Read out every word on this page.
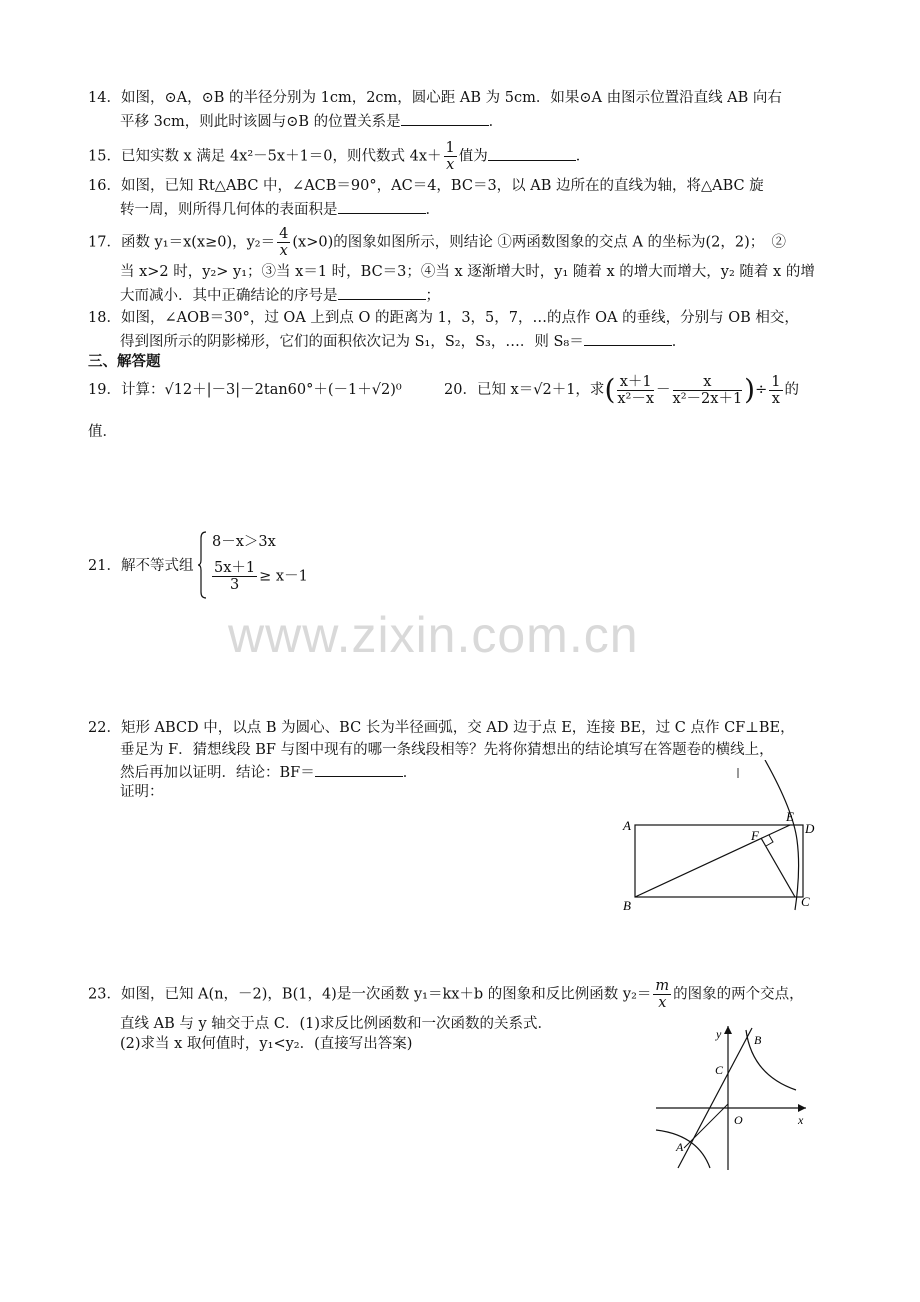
14．如图，⊙A，⊙B 的半径分别为 1cm，2cm，圆心距 AB 为 5cm．如果⊙A 由图示位置沿直线 AB 向右
平移 3cm，则此时该圆与⊙B 的位置关系是	．
15．已知实数 x 满足 4x²－5x＋1＝0，则代数式 $4x+ \frac{1}{x}$ 值为	．
16．如图，已知 Rt△ABC 中，∠ACB＝90°，AC＝4，BC＝3，以 AB 边所在的直线为轴，将△ABC 旋
转一周，则所得几何体的表面积是	．
17．函数 y₁＝x(x≥0)，$y_2= \frac{4}{x} (x>0)$的图象如图所示，则结论 ①两函数图象的交点 A 的坐标为(2，2)；　②
当 x>2 时，y₂> y₁；③当 x＝1 时，BC＝3；④当 x 逐渐增大时，y₁ 随着 x 的增大而增大，y₂ 随着 x 的增
大而减小．其中正确结论的序号是	；
18．如图，∠AOB＝30°，过 OA 上到点 O 的距离为 1，3，5，7，…的点作 OA 的垂线，分别与 OB 相交，
得到图所示的阴影梯形，它们的面积依次记为 S₁，S₂，S₃，…．则 S₈＝	．
三、解答题
19．计算：√12＋|－3|－2tan60°＋(－1＋√2)⁰	20．已知 x＝√2＋1，求( $\frac{x+1}{\text{x²－x}} - \frac{x}{\text{x²－2x＋1}}$ )÷ $\frac{1}{x}$ 的
值．
21．解不等式组
8－x＞3x
$\frac{5x+1}{3} \ge x-1$
www.zixin.com.cn
22．矩形 ABCD 中，以点 B 为圆心、BC 长为半径画弧，交 AD 边于点 E，连接 BE，过 C 点作 CF⊥BE，
垂足为 F．猜想线段 BF 与图中现有的哪一条线段相等？先将你猜想出的结论填写在答题卷的横线上，
然后再加以证明．结论：BF＝	．
证明：
A
B	C
D
E
F
23．如图，已知 A(n，－2)，B(1，4)是一次函数 y₁＝kx＋b 的图象和反比例函数 $y_2= \frac{m}{x}$ 的图象的两个交点，
直线 AB 与 y 轴交于点 C．(1)求反比例函数和一次函数的关系式．
(2)求当 x 取何值时，y₁<y₂．(直接写出答案)
y
x
O
A
B
C
